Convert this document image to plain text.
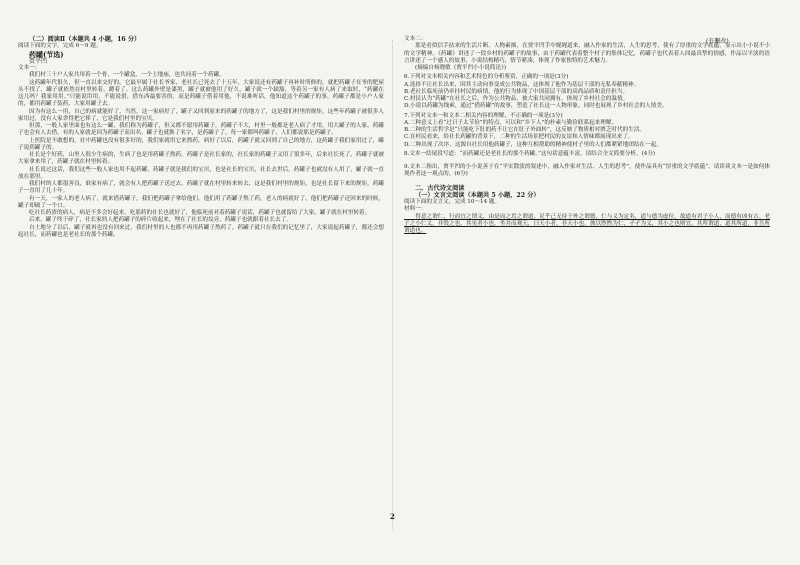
（二）阅读Ⅱ（本题共 4 小题，16 分）

阅读下面的文字，完成 6～9 题。

药罐(节选)

贾平凹

文本一：

我们村三十户人家共用着一个骨、一个罐盒，一个土地庙，也共同着一个药罐。

这药罐年代很久，但一直以来交好的，它最早属于社长爷家，老社长已死去了十五年，大家说还有药罐子再补时所修的，就把药罐子在爷的肥屋头不找了，罐子就依然在村里转着，蹲着了。这么药罐外壁是漆黑，罐子就被他用了好久，罐子就一个缺豁，等着另一家有人病了来取时，“药罐在这儿吗？我家用用。”只能说用用，不能说借，借东西最要害的，而是药罐子借着用他，不说难听话，他知道这个药罐子的事，药罐子都是小户人家的，都用药罐子装药，大家用罐子去。

因为有这么一用，自己的病就能好了，当然，这一家病好了，罐子又回到原来的药罐子的地方了，这是我们村里的规矩，这些年药罐子被很多人家用过，没有人家舍得把它摔了，它是我们村里的宝贝。

但那，一般人家里面也有这么一罐，我们称为药罐子，但又都不愿用药罐子，药罐子不大，村里一般都是老人病了才用，用大罐子的人家，药罐子也会有人去借，有的人家就是因为药罐子而出名，罐子也就换了名字，是药罐子了，每一家都叫药罐子，人们都说那是药罐子。

上医院是不敢想的，社中药罐也没有很多好的，我们家就用它来熬药，病好了以后，药罐子就又回到了自己的地方，这药罐子我们家用过了，罐子说药罐子的。

社长是个好药，山里人很少生病的，生病了也是用药罐子熬药，药罐子是社长家的，社长家的药罐子又用了很多年，后来社长死了，药罐子就被大家拿来用了，药罐子就在村里转着。

社长说过这话，我们这些一般人家也用不起药罐，药罐子就是我们的宝贝，也是社长的宝贝，社长去世后，药罐子也就没有人用了，罐子就一直放在那里。

我们村的人都很善良，谁家有病了，就会有人把药罐子送过去，药罐子就在村里转来转去，这是我们村里的规矩，也是社长留下来的规矩，药罐子一直用了几十年。

有一天，一家人的老人病了，就来借药罐子，我们把药罐子拿给他们，他们用了药罐子熬了药，老人的病就好了，他们把药罐子还回来的时候，罐子却破了一个口。

吃社长药渣的病人，病是不多会好起来，吃那药的社长也就好了，他临死前对着药罐子说话，药罐子也就留给了大家，罐子就在村里转着。

后来，罐子终于碎了，社长家的人把药罐子的碎片收起来，埋在了社长的坟旁，药罐子也就跟着社长去了。

自土地分了以后，罐子就再也没有回来过，我们村里的人也都不再用药罐子熬药了，药罐子就只在我们的记忆里了，大家说起药罐子，都还会想起社长，而药罐也是老社长的那个药罐。

(有删改)

文本二：

那是看似信手拈来的生活片断、人物素描，在贾平凹手中娓娓道来，融入作家的生活，人生的思考，使有了厚重的文学底蕴，显示出小小说不小的文学精神。《药罐》讲述了一段乡村的药罐子的故事，由于药罐代表着整个村子的集体记忆，药罐子也代表着人间最真挚的情感，作品以平淡的语言讲述了一个感人的故事，小说结构精巧，情节紧凑，体现了作家独特的艺术魅力。

(摘编自杨晓敏《贾平凹小小说简论》)

6.下列对文本相关内容和艺术特色的分析鉴赏，正确的一项是(3分)

A.选择不让社长出来，因其主动向事变成公共物品，这体现了他作为基层干部的无私奉献精神。

B.老社长临死前仍牵挂村民的病情，他的行为体现了中国基层干部的高尚品质和责任担当。

C.村民认为“药罐”在社长之后，作为公共物品，被大家共同拥有，体现了乡村社会的温情。

D.小说以药罐为线索，通过“借药罐”的故事，塑造了社长这一人物形象，同时也展现了乡村社会的人情美。

7.下列对文本一和文本二相关内容的理解，不正确的一项是(3分)

A.二种意义上看“过日子太节俭”的特点，可以和“乡下人”的朴素与勤俭联系起来理解。

B.二种的生活哲学是“只能吃下肚的药不让它在肚子外面转”，这反映了物质相对匮乏时代的生活。

C.在村民看来，给社长药罐的背景下，二种的生活场景把村民的友谊和人情味都展现出来了。

D.二种出现了次序，这源自社长用他药罐子，这种互相帮助的精神使村子里的人们都紧紧地团结在一起。

8.文本一结尾段写道：“而药罐还是老社长的那个药罐。”这句话意蕴丰富，请结合全文简要分析。(4分)

9.文本二指出，贾平凹的小小说善于在“平实散淡的叙述中，融入作家对生活、人生的思考”，使作品具有“厚重的文学底蕴”。请谈谈文本一是如何体现作者这一观点的。(6分)

二、古代诗文阅读

（一）文言文阅读（本题共 5 小题，22 分）

阅读下面的文言文，完成 10～14 题。

材料一：

　　得意之谓仁，行而宜之谓义，由是而之焉之谓道，足乎己无待于外之谓德，仁与义为定名，道与德为虚位，故道有君子小人，而德有凶有吉。老子之小仁义，非毁之也，其见者小也。坐井而观天，曰天小者，非天小也。彼以煦煦为仁，孑孑为义，其小之也则宜。其所谓道，道其所道，非吾所谓道也。

2
